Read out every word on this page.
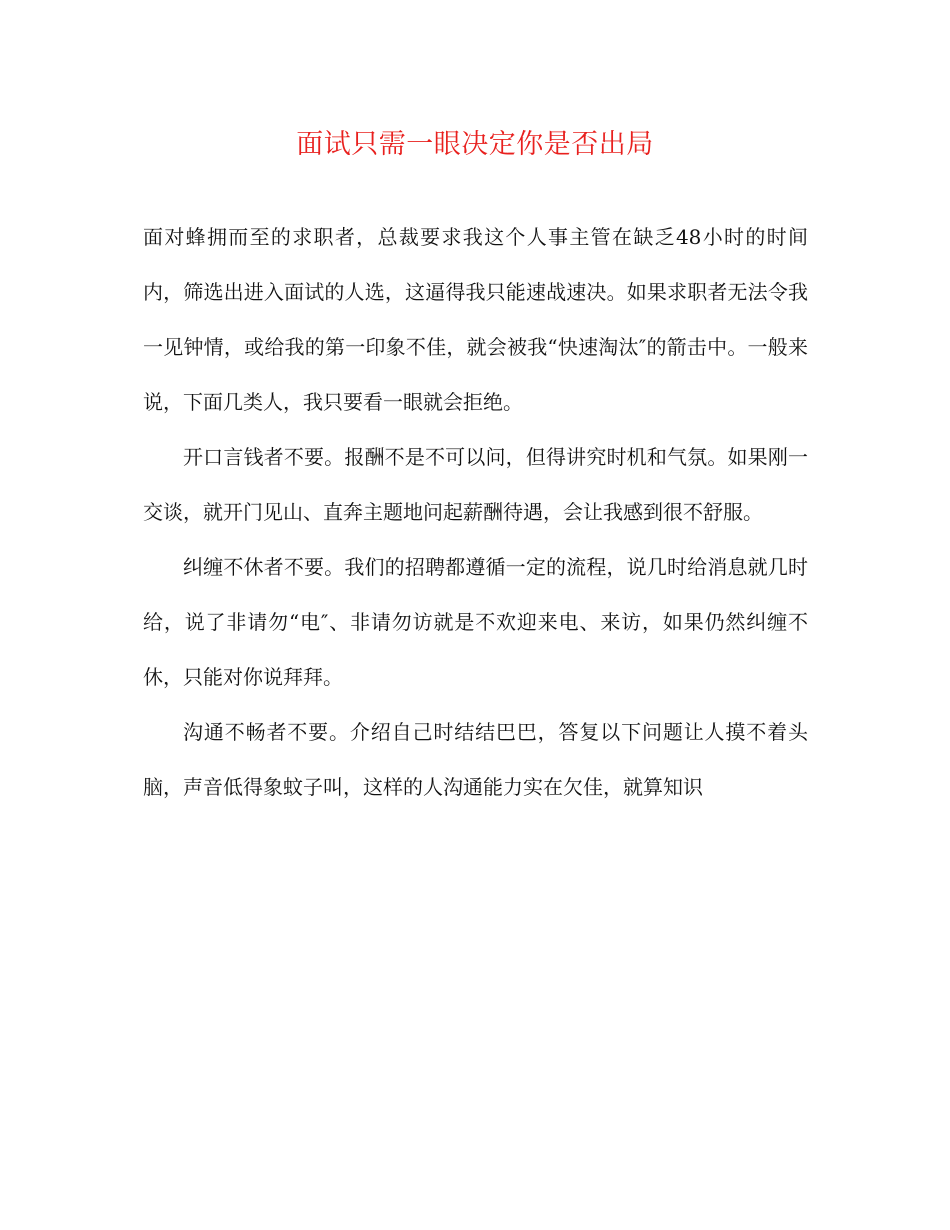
面试只需一眼决定你是否出局

面对蜂拥而至的求职者，总裁要求我这个人事主管在缺乏48小时的时间内，筛选出进入面试的人选，这逼得我只能速战速决。如果求职者无法令我一见钟情，或给我的第一印象不佳，就会被我“快速淘汰″的箭击中。一般来说，下面几类人，我只要看一眼就会拒绝。

开口言钱者不要。报酬不是不可以问，但得讲究时机和气氛。如果刚一交谈，就开门见山、直奔主题地问起薪酬待遇，会让我感到很不舒服。

纠缠不休者不要。我们的招聘都遵循一定的流程，说几时给消息就几时给，说了非请勿“电″、非请勿访就是不欢迎来电、来访，如果仍然纠缠不休，只能对你说拜拜。

沟通不畅者不要。介绍自己时结结巴巴，答复以下问题让人摸不着头脑，声音低得象蚊子叫，这样的人沟通能力实在欠佳，就算知识
